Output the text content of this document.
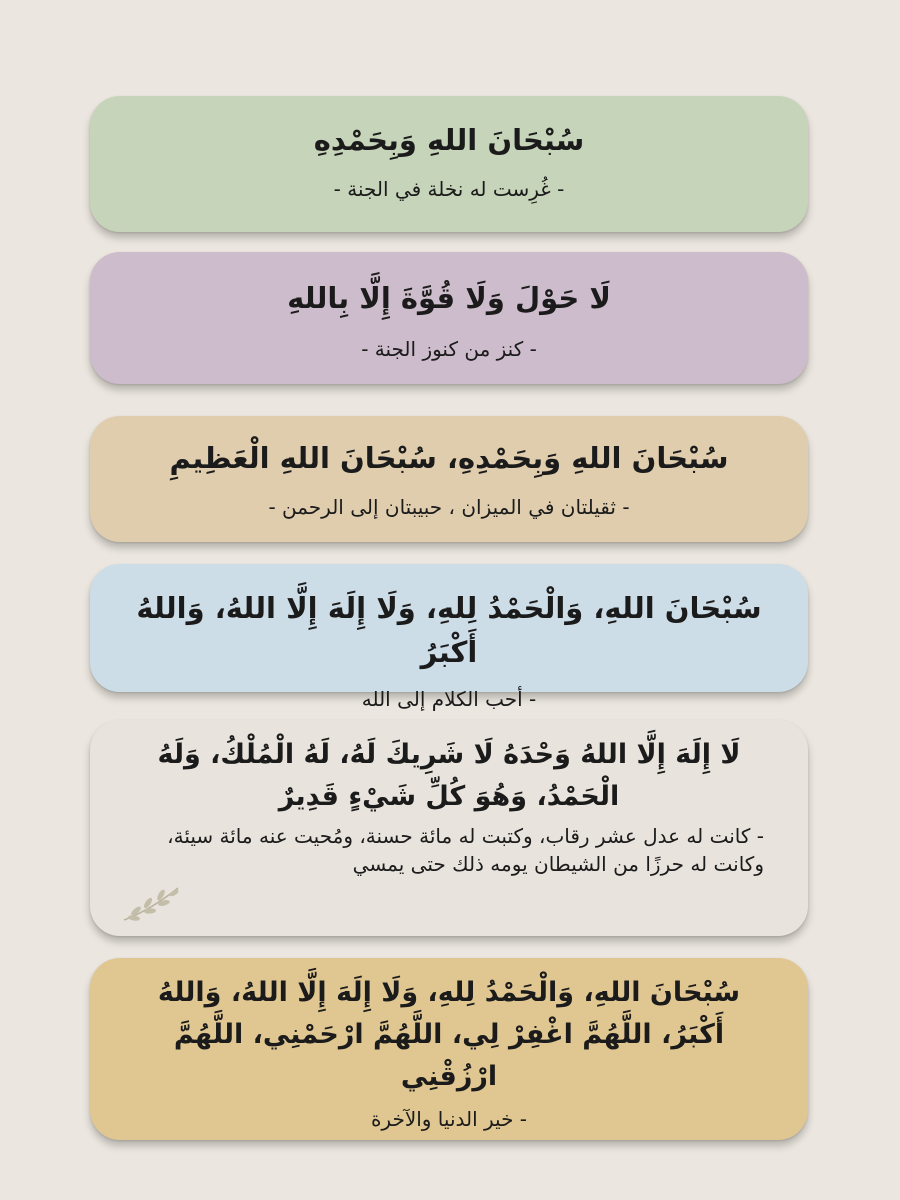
سُبْحَانَ اللهِ وَبِحَمْدِهِ

- غُرِست له نخلة في الجنة -

لَا حَوْلَ وَلَا قُوَّةَ إِلَّا بِاللهِ

- كنز من كنوز الجنة -

سُبْحَانَ اللهِ وَبِحَمْدِهِ، سُبْحَانَ اللهِ الْعَظِيمِ

- ثقيلتان في الميزان ، حبيبتان إلى الرحمن -

سُبْحَانَ اللهِ، وَالْحَمْدُ لِلهِ، وَلَا إِلَهَ إِلَّا اللهُ، وَاللهُ أَكْبَرُ

- أحب الكلام إلى الله

لَا إِلَهَ إِلَّا اللهُ وَحْدَهُ لَا شَرِيكَ لَهُ، لَهُ الْمُلْكُ، وَلَهُ الْحَمْدُ، وَهُوَ كُلِّ شَيْءٍ قَدِيرٌ

- كانت له عدل عشر رقاب، وكتبت له مائة حسنة، ومُحيت عنه مائة سيئة، وكانت له حرزًا من الشيطان يومه ذلك حتى يمسي

سُبْحَانَ اللهِ، وَالْحَمْدُ لِلهِ، وَلَا إِلَهَ إِلَّا اللهُ، وَاللهُ أَكْبَرُ، اللَّهُمَّ اغْفِرْ لِي، اللَّهُمَّ ارْحَمْنِي، اللَّهُمَّ ارْزُقْنِي

- خير الدنيا والآخرة
